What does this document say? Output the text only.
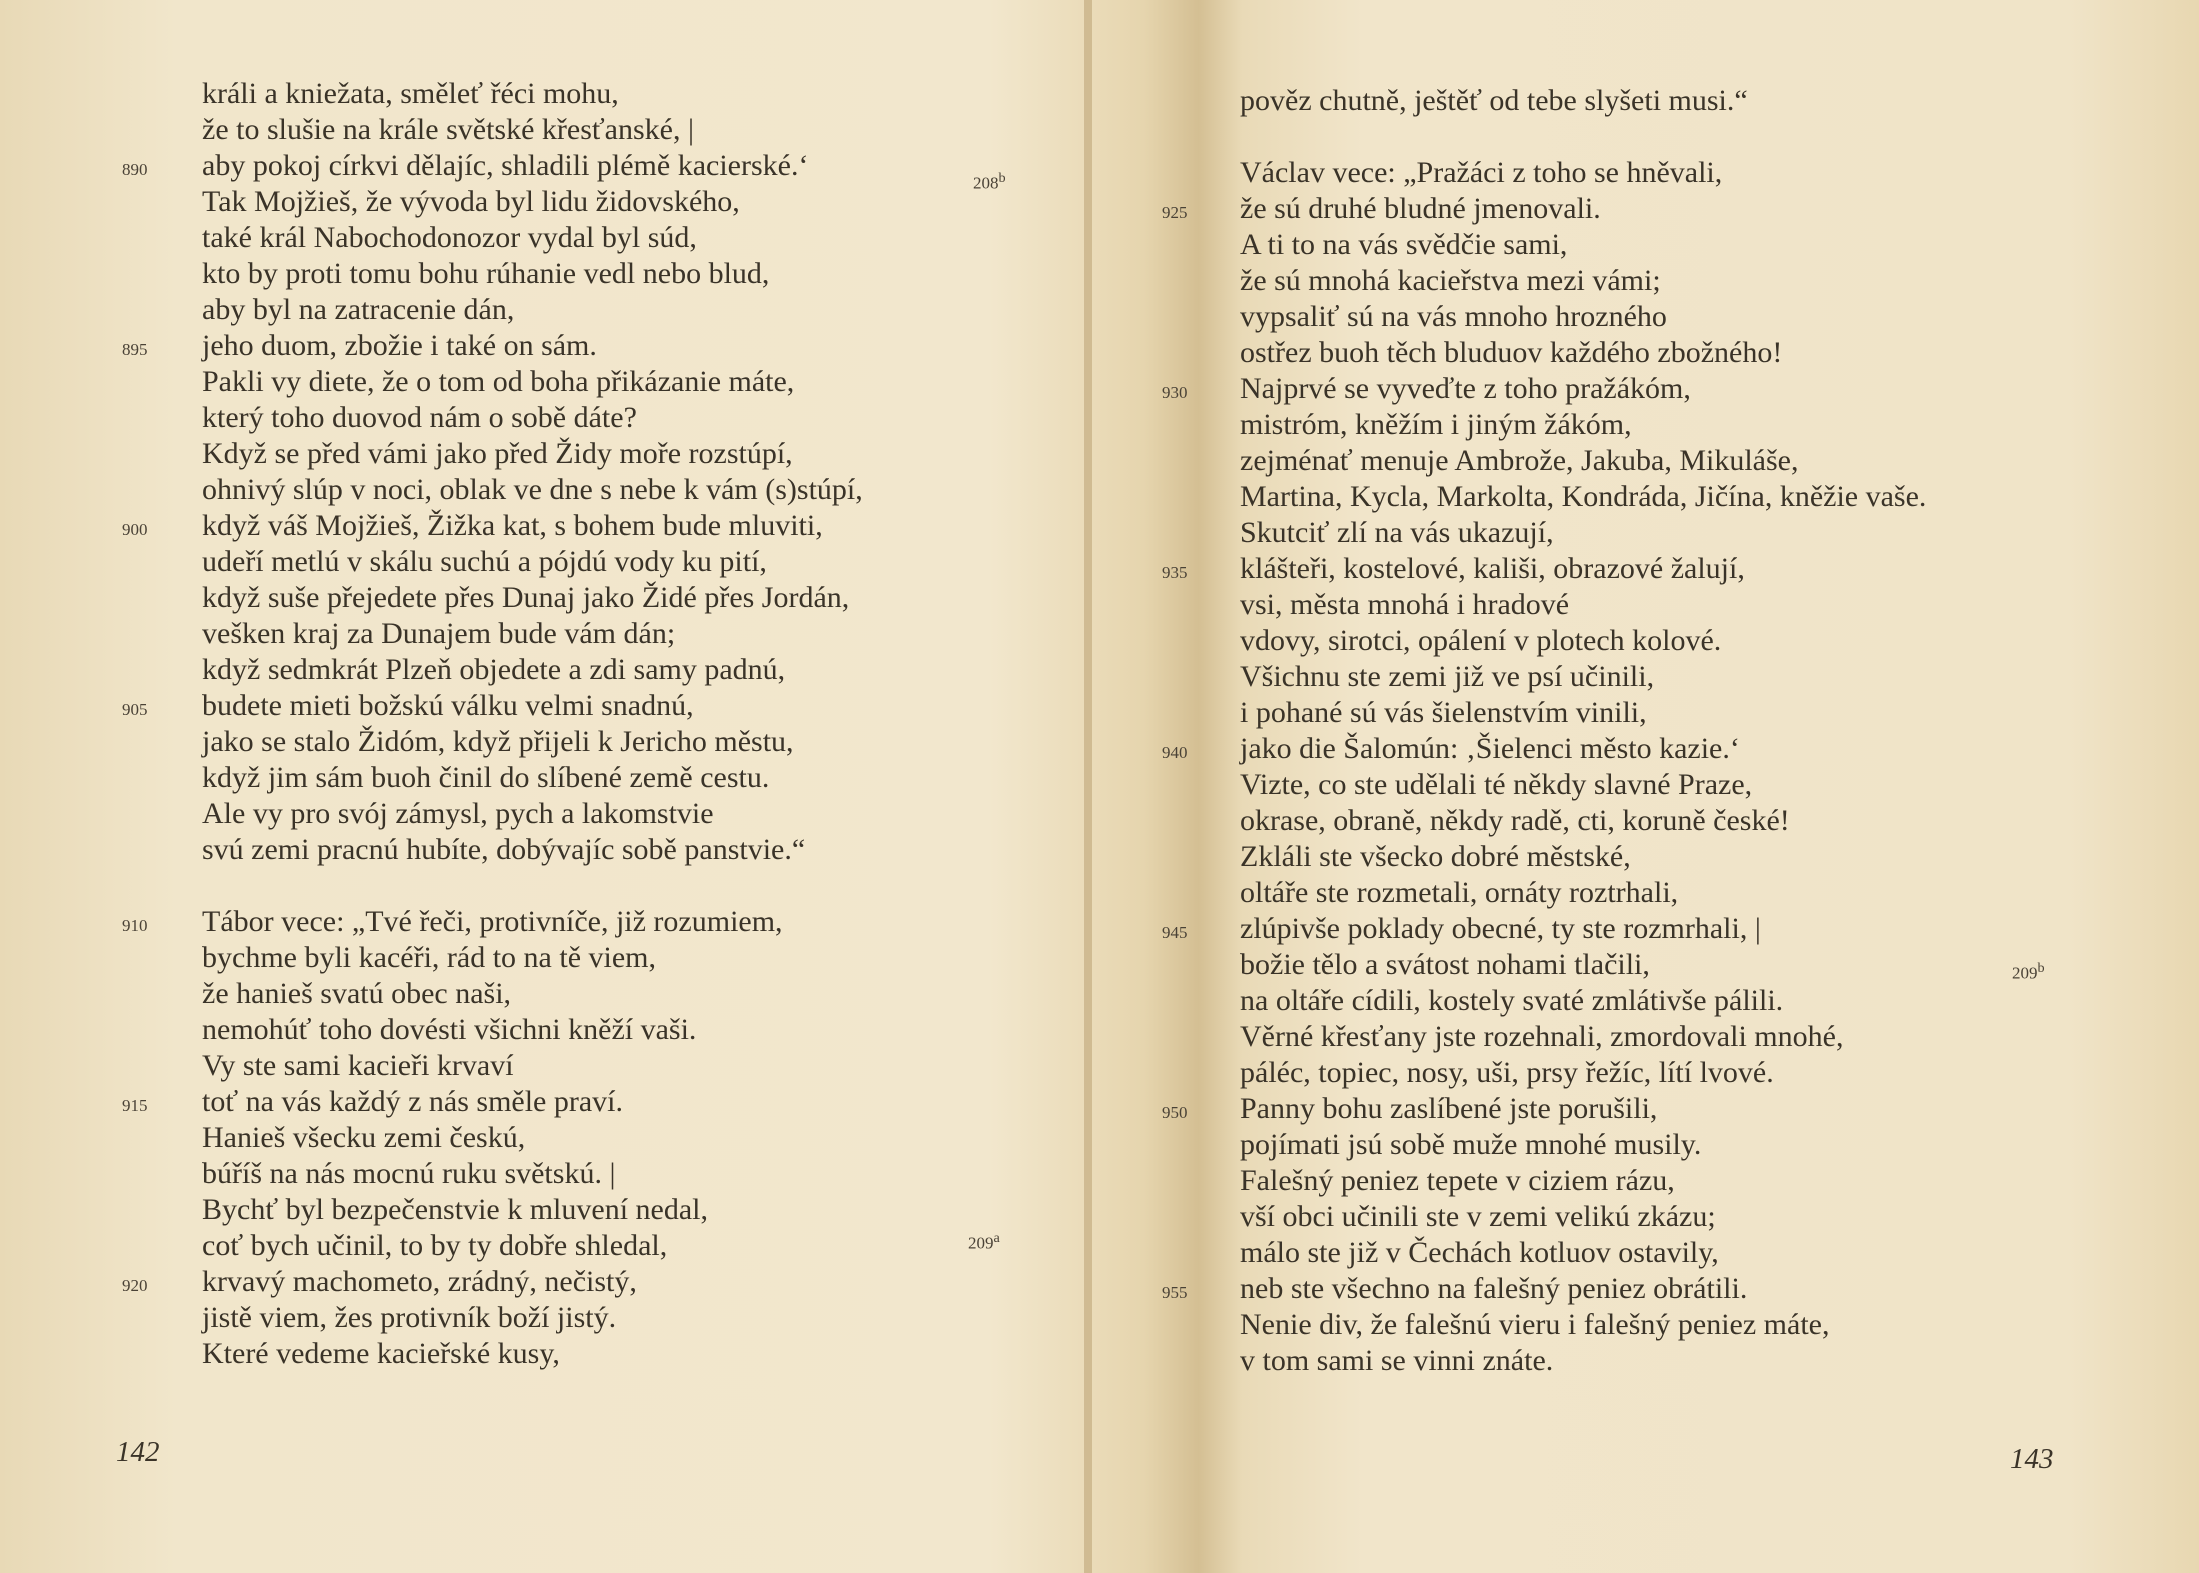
králi a kniežata, směleť řéci mohu,
že to slušie na krále světské křesťanské, |
aby pokoj církvi dělajíc, shladili plémě kacierské.‘
890
Tak Mojžieš, že vývoda byl lidu židovského,
také král Nabochodonozor vydal byl súd,
kto by proti tomu bohu rúhanie vedl nebo blud,
aby byl na zatracenie dán,
jeho duom, zbožie i také on sám.
895
Pakli vy diete, že o tom od boha přikázanie máte,
který toho duovod nám o sobě dáte?
Když se před vámi jako před Židy moře rozstúpí,
ohnivý slúp v noci, oblak ve dne s nebe k vám (s)stúpí,
když váš Mojžieš, Žižka kat, s bohem bude mluviti,
900
udeří metlú v skálu suchú a pójdú vody ku pití,
když suše přejedete přes Dunaj jako Židé přes Jordán,
vešken kraj za Dunajem bude vám dán;
když sedmkrát Plzeň objedete a zdi samy padnú,
budete mieti božskú válku velmi snadnú,
905
jako se stalo Židóm, když přijeli k Jericho městu,
když jim sám buoh činil do slíbené země cestu.
Ale vy pro svój zámysl, pych a lakomstvie
svú zemi pracnú hubíte, dobývajíc sobě panstvie.“
Tábor vece: „Tvé řeči, protivníče, již rozumiem,
910
bychme byli kacéři, rád to na tě viem,
že hanieš svatú obec naši,
nemohúť toho dovésti všichni kněží vaši.
Vy ste sami kacieři krvaví
toť na vás každý z nás směle praví.
915
Hanieš všecku zemi českú,
búříš na nás mocnú ruku světskú. |
Bychť byl bezpečenstvie k mluvení nedal,
coť bych učinil, to by ty dobře shledal,
krvavý machometo, zrádný, nečistý,
920
jistě viem, žes protivník boží jistý.
Které vedeme kacieřské kusy,
208$^b$
209$^a$
142
pověz chutně, ještěť od tebe slyšeti musi.“
Václav vece: „Pražáci z toho se hněvali,
že sú druhé bludné jmenovali.
925
A ti to na vás svědčie sami,
že sú mnohá kacieřstva mezi vámi;
vypsaliť sú na vás mnoho hrozného
ostřez buoh těch bluduov každého zbožného!
Najprvé se vyveďte z toho pražákóm,
930
mistróm, kněžím i jiným žákóm,
zejménať menuje Ambrože, Jakuba, Mikuláše,
Martina, Kycla, Markolta, Kondráda, Jičína, kněžie vaše.
Skutciť zlí na vás ukazují,
klášteři, kostelové, kališi, obrazové žalují,
935
vsi, města mnohá i hradové
vdovy, sirotci, opálení v plotech kolové.
Všichnu ste zemi již ve psí učinili,
i pohané sú vás šielenstvím vinili,
jako die Šalomún: ‚Šielenci město kazie.‘
940
Vizte, co ste udělali té někdy slavné Praze,
okrase, obraně, někdy radě, cti, koruně české!
Zkláli ste všecko dobré městské,
oltáře ste rozmetali, ornáty roztrhali,
zlúpivše poklady obecné, ty ste rozmrhali, |
945
božie tělo a svátost nohami tlačili,
na oltáře cídili, kostely svaté zmlátivše pálili.
Věrné křesťany jste rozehnali, zmordovali mnohé,
páléc, topiec, nosy, uši, prsy řežíc, lítí lvové.
Panny bohu zaslíbené jste porušili,
950
pojímati jsú sobě muže mnohé musily.
Falešný peniez tepete v ciziem rázu,
vší obci učinili ste v zemi velikú zkázu;
málo ste již v Čechách kotluov ostavily,
neb ste všechno na falešný peniez obrátili.
955
Nenie div, že falešnú vieru i falešný peniez máte,
v tom sami se vinni znáte.
209$^b$
143
